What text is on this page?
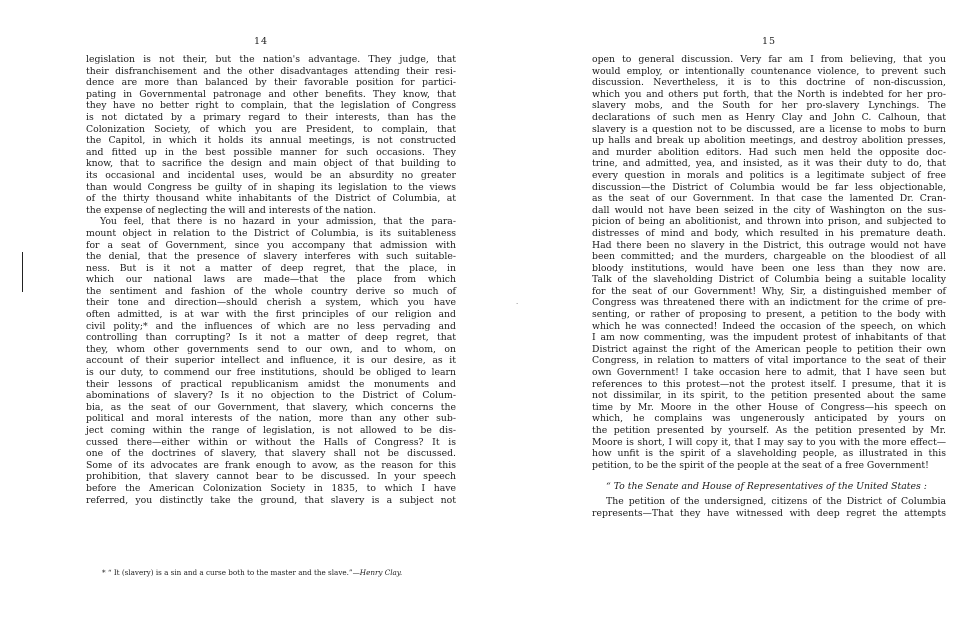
14	15
·
legislation is not their, but the nation's advantage. They judge, that
their disfranchisement and the other disadvantages attending their resi-
dence are more than balanced by their favorable position for partici-
pating in Governmental patronage and other benefits. They know, that
they have no better right to complain, that the legislation of Congress
is not dictated by a primary regard to their interests, than has the
Colonization Society, of which you are President, to complain, that
the Capitol, in which it holds its annual meetings, is not constructed
and fitted up in the best possible manner for such occasions. They
know, that to sacrifice the design and main object of that building to
its occasional and incidental uses, would be an absurdity no greater
than would Congress be guilty of in shaping its legislation to the views
of the thirty thousand white inhabitants of the District of Columbia, at
the expense of neglecting the will and interests of the nation.
You feel, that there is no hazard in your admission, that the para-
mount object in relation to the District of Columbia, is its suitableness
for a seat of Government, since you accompany that admission with
the denial, that the presence of slavery interferes with such suitable-
ness. But is it not a matter of deep regret, that the place, in
which our national laws are made—that the place from which
the sentiment and fashion of the whole country derive so much of
their tone and direction—should cherish a system, which you have
often admitted, is at war with the first principles of our religion and
civil polity;* and the influences of which are no less pervading and
controlling than corrupting? Is it not a matter of deep regret, that
they, whom other governments send to our own, and to whom, on
account of their superior intellect and influence, it is our desire, as it
is our duty, to commend our free institutions, should be obliged to learn
their lessons of practical republicanism amidst the monuments and
abominations of slavery? Is it no objection to the District of Colum-
bia, as the seat of our Government, that slavery, which concerns the
political and moral interests of the nation, more than any other sub-
ject coming within the range of legislation, is not allowed to be dis-
cussed there—either within or without the Halls of Congress? It is
one of the doctrines of slavery, that slavery shall not be discussed.
Some of its advocates are frank enough to avow, as the reason for this
prohibition, that slavery cannot bear to be discussed. In your speech
before the American Colonization Society in 1835, to which I have
referred, you distinctly take the ground, that slavery is a subject not
* “ It (slavery) is a sin and a curse both to the master and the slave.”—Henry Clay.
open to general discussion. Very far am I from believing, that you
would employ, or intentionally countenance violence, to prevent such
discussion. Nevertheless, it is to this doctrine of non-discussion,
which you and others put forth, that the North is indebted for her pro-
slavery mobs, and the South for her pro-slavery Lynchings. The
declarations of such men as Henry Clay and John C. Calhoun, that
slavery is a question not to be discussed, are a license to mobs to burn
up halls and break up abolition meetings, and destroy abolition presses,
and murder abolition editors. Had such men held the opposite doc-
trine, and admitted, yea, and insisted, as it was their duty to do, that
every question in morals and politics is a legitimate subject of free
discussion—the District of Columbia would be far less objectionable,
as the seat of our Government. In that case the lamented Dr. Cran-
dall would not have been seized in the city of Washington on the sus-
picion of being an abolitionist, and thrown into prison, and subjected to
distresses of mind and body, which resulted in his premature death.
Had there been no slavery in the District, this outrage would not have
been committed; and the murders, chargeable on the bloodiest of all
bloody institutions, would have been one less than they now are.
Talk of the slaveholding District of Columbia being a suitable locality
for the seat of our Government! Why, Sir, a distinguished member of
Congress was threatened there with an indictment for the crime of pre-
senting, or rather of proposing to present, a petition to the body with
which he was connected! Indeed the occasion of the speech, on which
I am now commenting, was the impudent protest of inhabitants of that
District against the right of the American people to petition their own
Congress, in relation to matters of vital importance to the seat of their
own Government! I take occasion here to admit, that I have seen but
references to this protest—not the protest itself. I presume, that it is
not dissimilar, in its spirit, to the petition presented about the same
time by Mr. Moore in the other House of Congress—his speech on
which, he complains was ungenerously anticipated by yours on
the petition presented by yourself. As the petition presented by Mr.
Moore is short, I will copy it, that I may say to you with the more effect—
how unfit is the spirit of a slaveholding people, as illustrated in this
petition, to be the spirit of the people at the seat of a free Government!
“ To the Senate and House of Representatives of the United States :
The petition of the undersigned, citizens of the District of Columbia
represents—That they have witnessed with deep regret the attempts
